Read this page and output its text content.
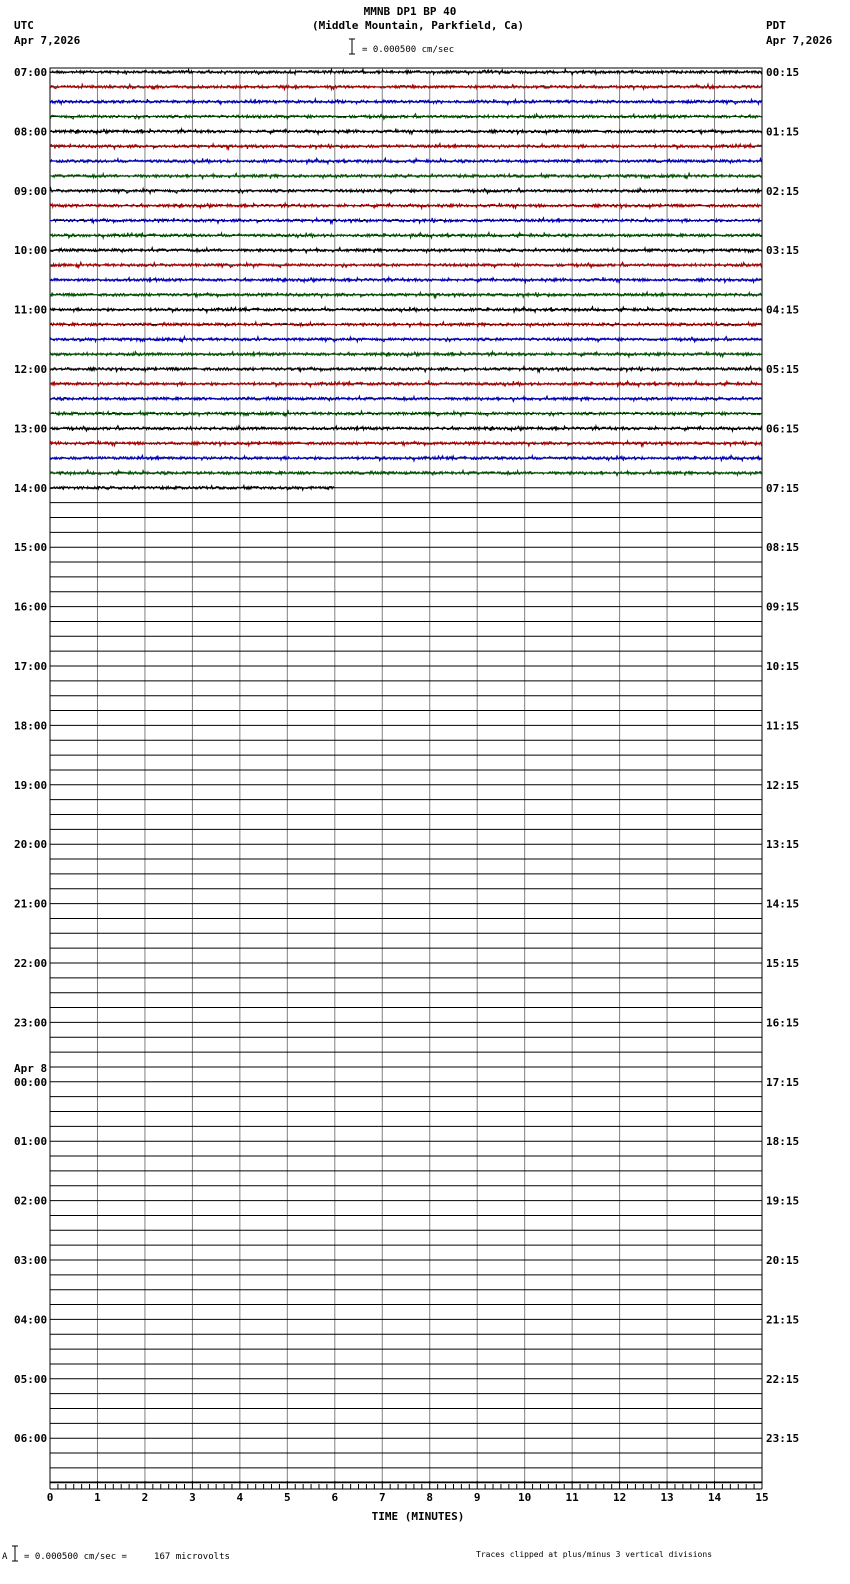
MMNB DP1 BP 40
(Middle Mountain, Parkfield, Ca)
UTC
Apr 7,2026
PDT
Apr 7,2026
= 0.000500 cm/sec
07:00
08:00
09:00
10:00
11:00
12:00
13:00
14:00
15:00
16:00
17:00
18:00
19:00
20:00
21:00
22:00
23:00
00:00
01:00
02:00
03:00
04:00
05:00
06:00
Apr 8
00:15
01:15
02:15
03:15
04:15
05:15
06:15
07:15
08:15
09:15
10:15
11:15
12:15
13:15
14:15
15:15
16:15
17:15
18:15
19:15
20:15
21:15
22:15
23:15
0	1	2	3	4	5	6	7	8	9	10	11	12	13	14	15
TIME (MINUTES)
A = 0.000500 cm/sec =     167 microvolts	Traces clipped at plus/minus 3 vertical divisions
